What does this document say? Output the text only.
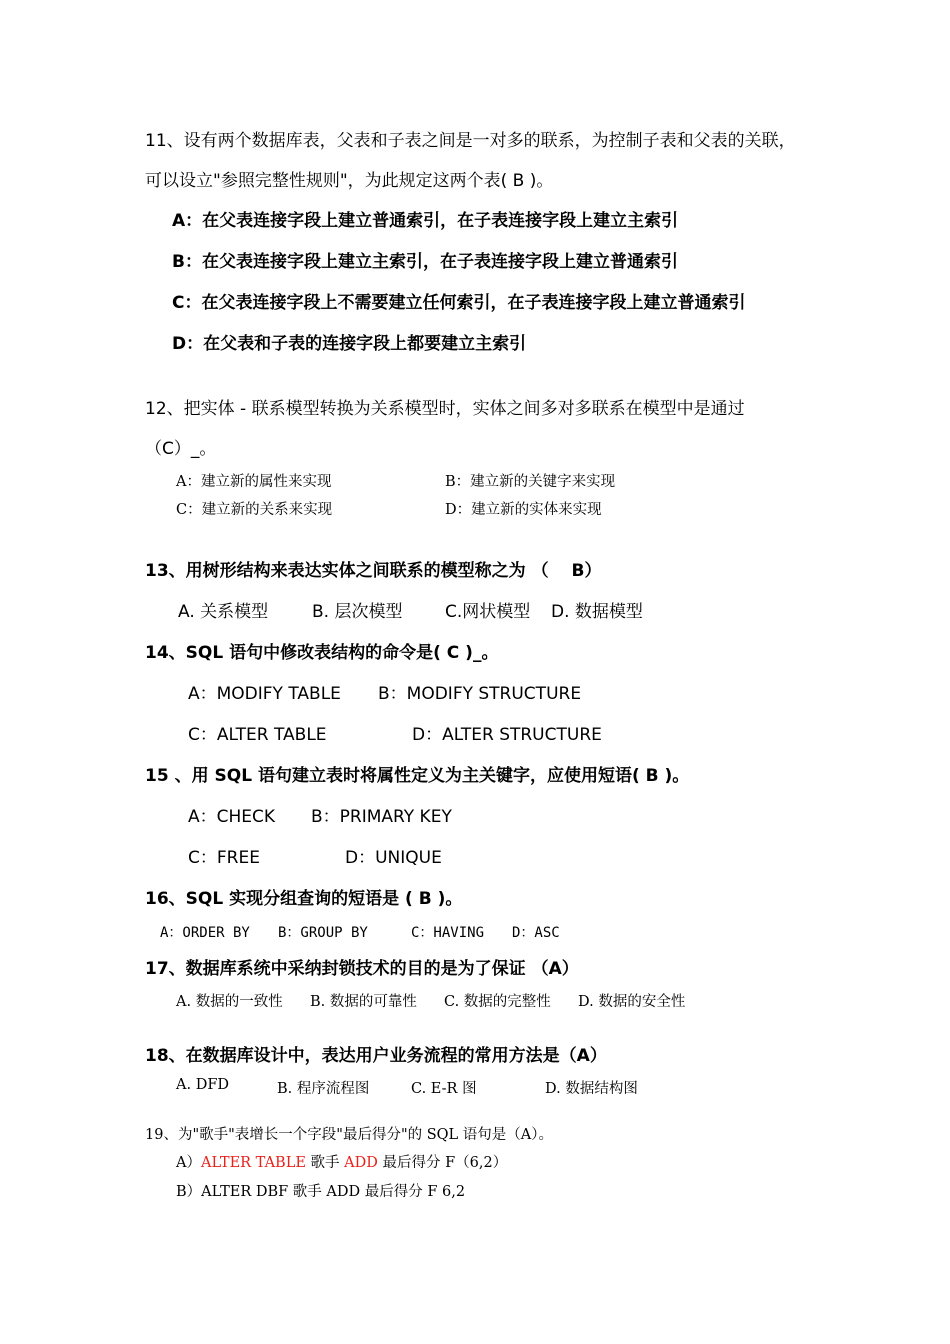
11、设有两个数据库表，父表和子表之间是一对多的联系，为控制子表和父表的关联，
可以设立"参照完整性规则"，为此规定这两个表( B )。
A：在父表连接字段上建立普通索引，在子表连接字段上建立主索引
B：在父表连接字段上建立主索引，在子表连接字段上建立普通索引
C：在父表连接字段上不需要建立任何索引，在子表连接字段上建立普通索引
D：在父表和子表的连接字段上都要建立主索引
12、把实体 - 联系模型转换为关系模型时，实体之间多对多联系在模型中是通过
（C）_。
A：建立新的属性来实现	B：建立新的关键字来实现
C：建立新的关系来实现	D：建立新的实体来实现
13、用树形结构来表达实体之间联系的模型称之为 （　 B）
A. 关系模型	B. 层次模型	C.网状模型 D. 数据模型
14、SQL 语句中修改表结构的命令是( C )_。
A：MODIFY TABLE B：MODIFY STRUCTURE
C：ALTER TABLE	D：ALTER STRUCTURE
15 、用 SQL 语句建立表时将属性定义为主关键字，应使用短语( B )。
A：CHECK B：PRIMARY KEY
C：FREE	D：UNIQUE
16、SQL 实现分组查询的短语是 ( B )。
A：ORDER BY B：GROUP BY	C：HAVING D：ASC
17、数据库系统中采纳封锁技术的目的是为了保证 （A）
A. 数据的一致性 B. 数据的可靠性 C. 数据的完整性 D. 数据的安全性
18、在数据库设计中，表达用户业务流程的常用方法是（A）
A. DFD	B. 程序流程图	C. E-R 图	D. 数据结构图
19、为"歌手"表增长一个字段"最后得分"的 SQL 语句是（A）。
A）ALTER TABLE 歌手 ADD 最后得分 F（6,2）
B）ALTER DBF 歌手 ADD 最后得分 F 6,2
